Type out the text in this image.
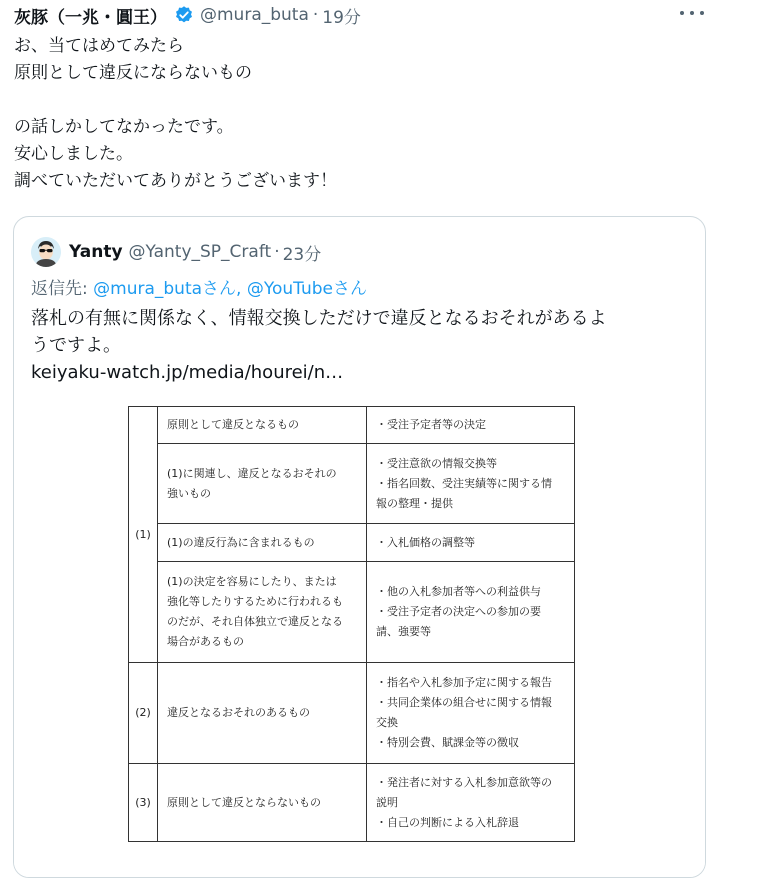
灰豚（一兆・圓王） @mura_buta · 19分
お、当てはめてみたら
原則として違反にならないもの
の話しかしてなかったです。
安心しました。
調べていただいてありがとうございます！
Yanty @Yanty_SP_Craft · 23分
返信先: @mura_butaさん, @YouTubeさん
落札の有無に関係なく、情報交換しただけで違反となるおそれがあるよ
うですよ。
keiyaku-watch.jp/media/hourei/n…
(1)	原則として違反となるもの	・受注予定者等の決定

	(1)に関連し、違反となるおそれの
強いもの	・受注意欲の情報交換等
・指名回数、受注実績等に関する情
報の整理・提供

	(1)の違反行為に含まれるもの	・入札価格の調整等

	(1)の決定を容易にしたり、または
強化等したりするために行われるも
のだが、それ自体独立で違反となる
場合があるもの	・他の入札参加者等への利益供与
・受注予定者の決定への参加の要
請、強要等

(2)	違反となるおそれのあるもの	・指名や入札参加予定に関する報告
・共同企業体の組合せに関する情報
交換
・特別会費、賦課金等の徴収

(3)	原則として違反とならないもの	・発注者に対する入札参加意欲等の
説明
・自己の判断による入札辞退
